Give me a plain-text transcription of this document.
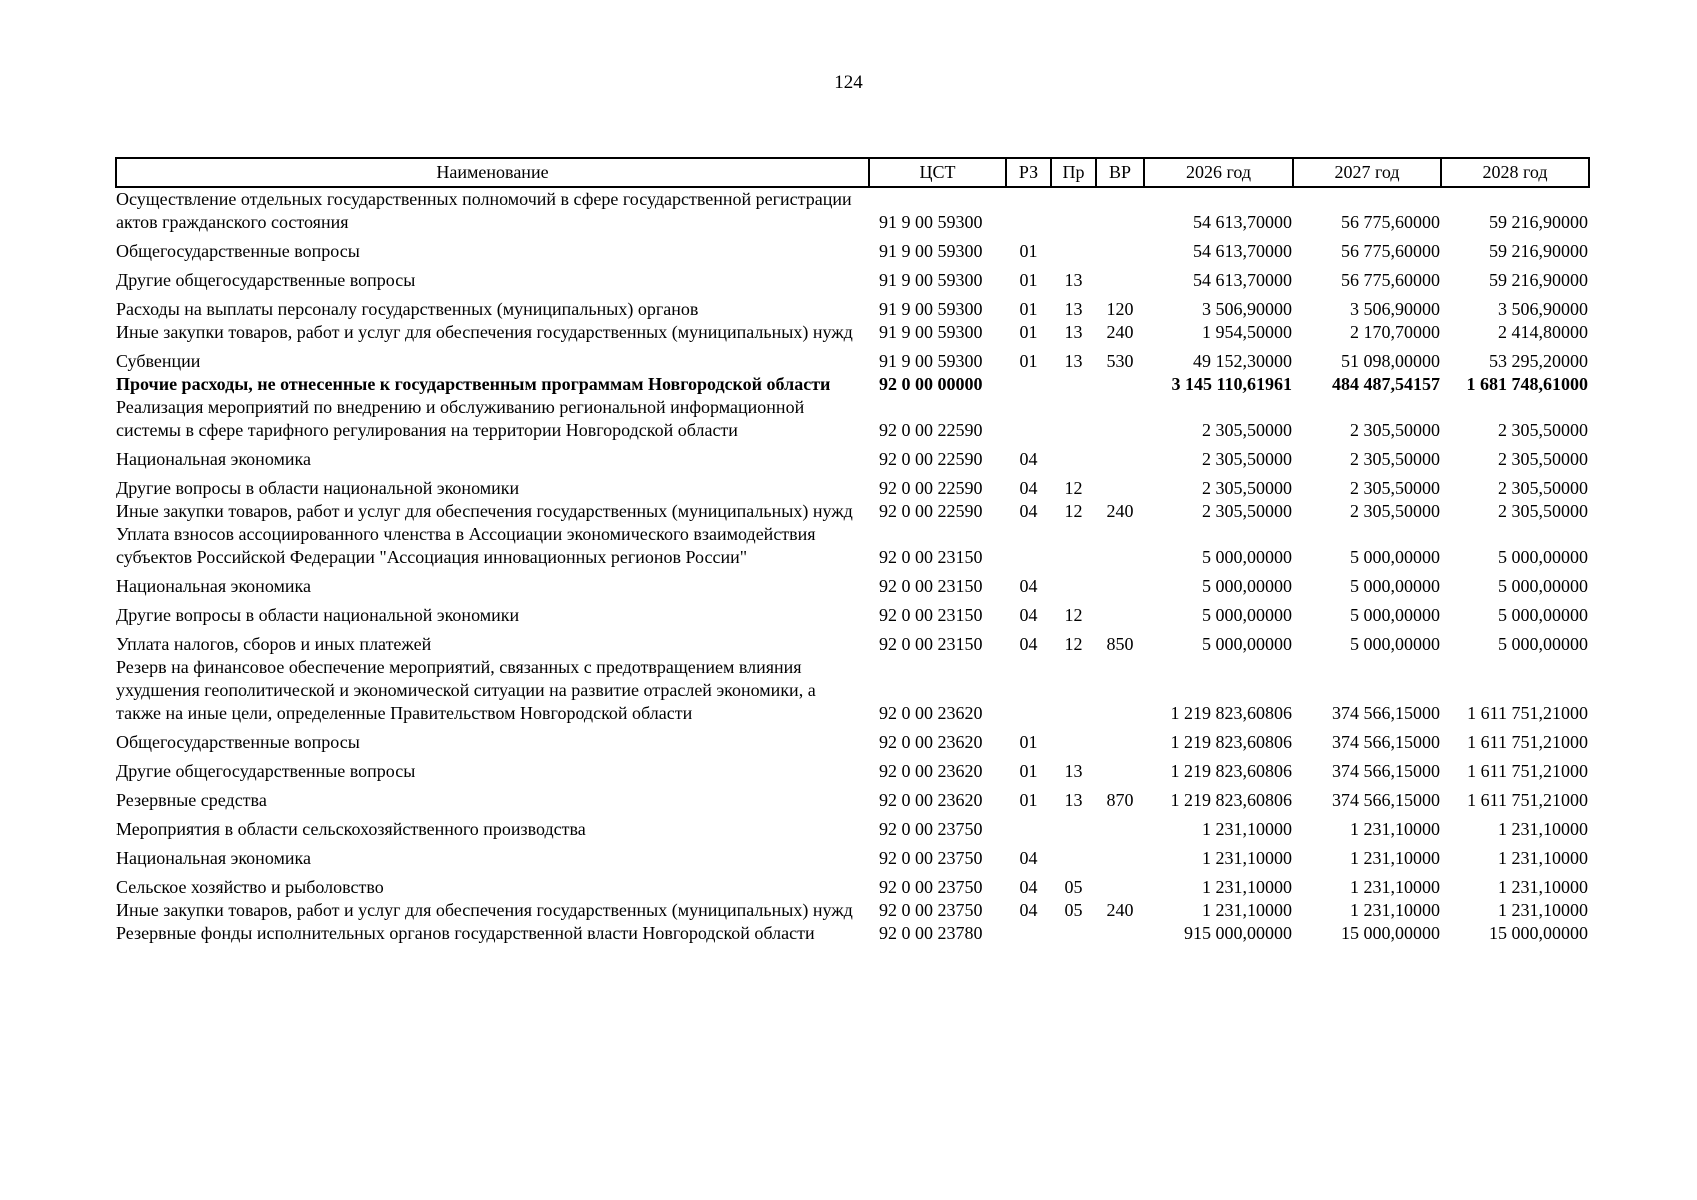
124
Наименование	ЦСТ	РЗ	Пр	ВР	2026 год	2027 год	2028 год
Осуществление отдельных государственных полномочий в сфере государственной регистрации актов гражданского состояния	91 9 00 59300				54 613,70000	56 775,60000	59 216,90000
Общегосударственные вопросы	91 9 00 59300	01			54 613,70000	56 775,60000	59 216,90000
Другие общегосударственные вопросы	91 9 00 59300	01	13		54 613,70000	56 775,60000	59 216,90000
Расходы на выплаты персоналу государственных (муниципальных) органов	91 9 00 59300	01	13	120	3 506,90000	3 506,90000	3 506,90000
Иные закупки товаров, работ и услуг для обеспечения государственных (муниципальных) нужд	91 9 00 59300	01	13	240	1 954,50000	2 170,70000	2 414,80000
Субвенции	91 9 00 59300	01	13	530	49 152,30000	51 098,00000	53 295,20000
Прочие расходы, не отнесенные к государственным программам Новгородской области	92 0 00 00000				3 145 110,61961	484 487,54157	1 681 748,61000
Реализация мероприятий по внедрению и обслуживанию региональной информационной системы в сфере тарифного регулирования на территории Новгородской области	92 0 00 22590				2 305,50000	2 305,50000	2 305,50000
Национальная экономика	92 0 00 22590	04			2 305,50000	2 305,50000	2 305,50000
Другие вопросы в области национальной экономики	92 0 00 22590	04	12		2 305,50000	2 305,50000	2 305,50000
Иные закупки товаров, работ и услуг для обеспечения государственных (муниципальных) нужд	92 0 00 22590	04	12	240	2 305,50000	2 305,50000	2 305,50000
Уплата взносов ассоциированного членства в Ассоциации экономического взаимодействия субъектов Российской Федерации "Ассоциация инновационных регионов России"	92 0 00 23150				5 000,00000	5 000,00000	5 000,00000
Национальная экономика	92 0 00 23150	04			5 000,00000	5 000,00000	5 000,00000
Другие вопросы в области национальной экономики	92 0 00 23150	04	12		5 000,00000	5 000,00000	5 000,00000
Уплата налогов, сборов и иных платежей	92 0 00 23150	04	12	850	5 000,00000	5 000,00000	5 000,00000
Резерв на финансовое обеспечение мероприятий, связанных с предотвращением влияния ухудшения геополитической и экономической ситуации на развитие отраслей экономики, а также на иные цели, определенные Правительством Новгородской области	92 0 00 23620				1 219 823,60806	374 566,15000	1 611 751,21000
Общегосударственные вопросы	92 0 00 23620	01			1 219 823,60806	374 566,15000	1 611 751,21000
Другие общегосударственные вопросы	92 0 00 23620	01	13		1 219 823,60806	374 566,15000	1 611 751,21000
Резервные средства	92 0 00 23620	01	13	870	1 219 823,60806	374 566,15000	1 611 751,21000
Мероприятия в области сельскохозяйственного производства	92 0 00 23750				1 231,10000	1 231,10000	1 231,10000
Национальная экономика	92 0 00 23750	04			1 231,10000	1 231,10000	1 231,10000
Сельское хозяйство и рыболовство	92 0 00 23750	04	05		1 231,10000	1 231,10000	1 231,10000
Иные закупки товаров, работ и услуг для обеспечения государственных (муниципальных) нужд	92 0 00 23750	04	05	240	1 231,10000	1 231,10000	1 231,10000
Резервные фонды исполнительных органов государственной власти Новгородской области	92 0 00 23780				915 000,00000	15 000,00000	15 000,00000
